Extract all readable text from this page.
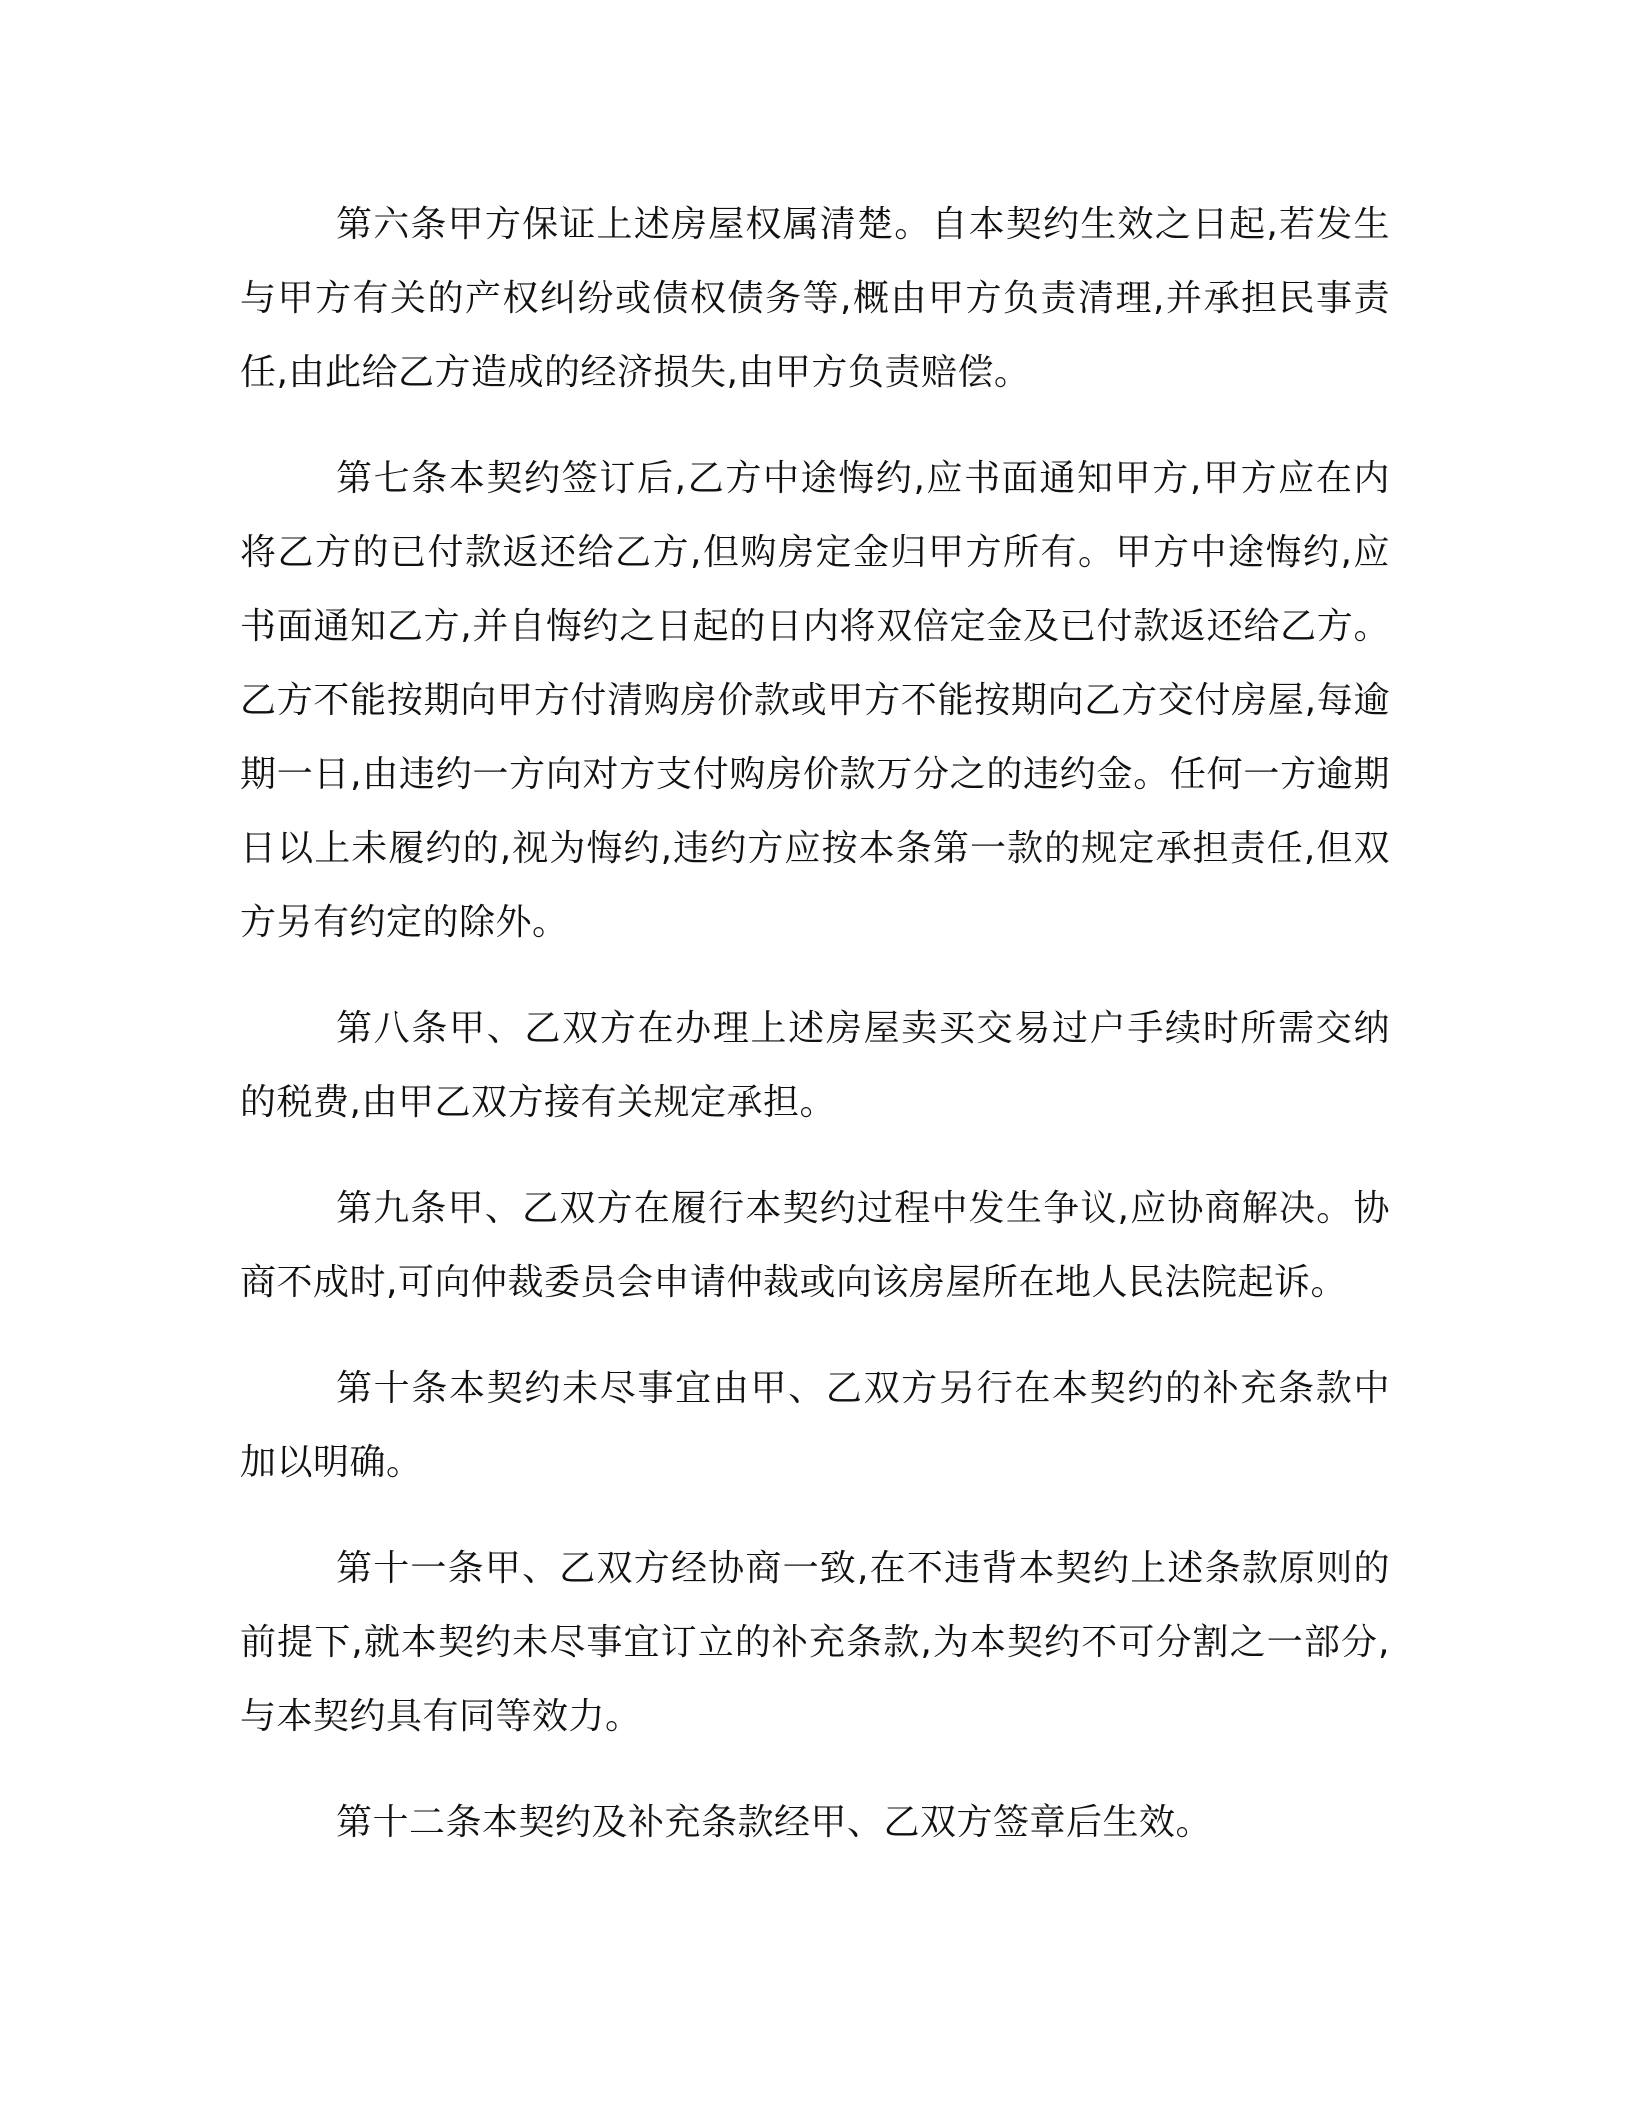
第六条甲方保证上述房屋权属清楚。自本契约生效之日起,若发生与甲方有关的产权纠纷或债权债务等,概由甲方负责清理,并承担民事责任,由此给乙方造成的经济损失,由甲方负责赔偿。

第七条本契约签订后,乙方中途悔约,应书面通知甲方,甲方应在内将乙方的已付款返还给乙方,但购房定金归甲方所有。甲方中途悔约,应书面通知乙方,并自悔约之日起的日内将双倍定金及已付款返还给乙方。乙方不能按期向甲方付清购房价款或甲方不能按期向乙方交付房屋,每逾期一日,由违约一方向对方支付购房价款万分之的违约金。任何一方逾期日以上未履约的,视为悔约,违约方应按本条第一款的规定承担责任,但双方另有约定的除外。

第八条甲、乙双方在办理上述房屋卖买交易过户手续时所需交纳的税费,由甲乙双方接有关规定承担。

第九条甲、乙双方在履行本契约过程中发生争议,应协商解决。协商不成时,可向仲裁委员会申请仲裁或向该房屋所在地人民法院起诉。

第十条本契约未尽事宜由甲、乙双方另行在本契约的补充条款中加以明确。

第十一条甲、乙双方经协商一致,在不违背本契约上述条款原则的前提下,就本契约未尽事宜订立的补充条款,为本契约不可分割之一部分,与本契约具有同等效力。

第十二条本契约及补充条款经甲、乙双方签章后生效。
